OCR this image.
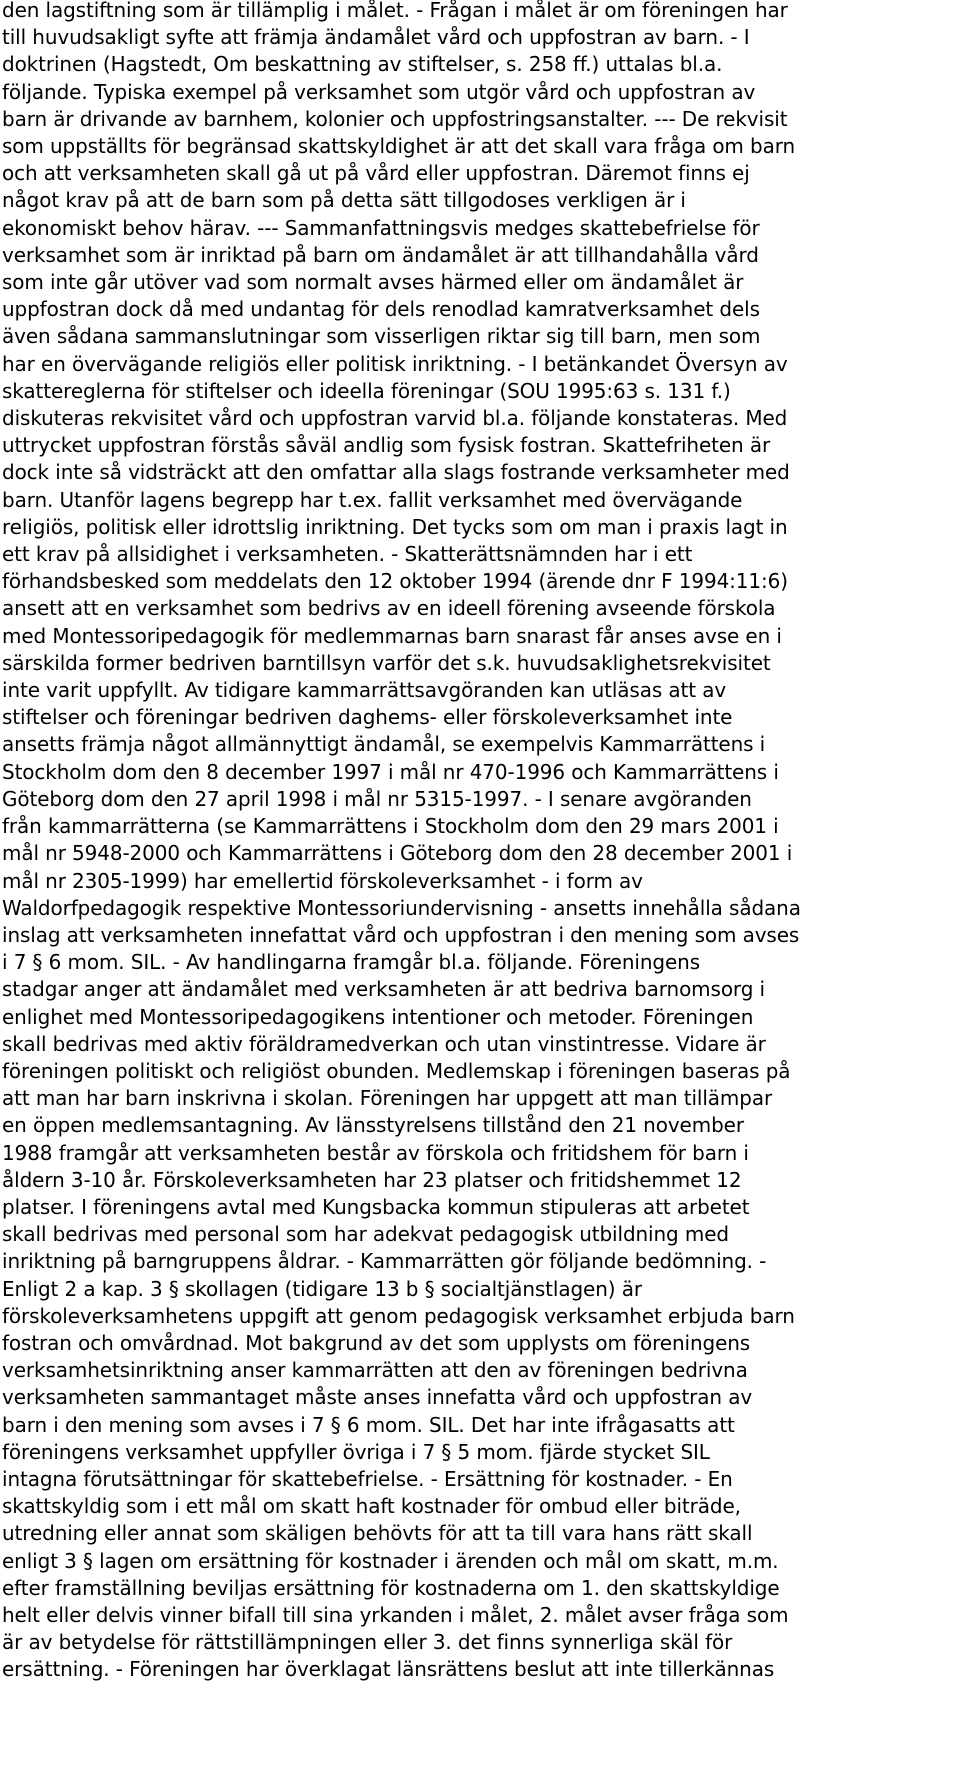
den lagstiftning som är tillämplig i målet. - Frågan i målet är om föreningen har
till huvudsakligt syfte att främja ändamålet vård och uppfostran av barn. - I
doktrinen (Hagstedt, Om beskattning av stiftelser, s. 258 ff.) uttalas bl.a.
följande. Typiska exempel på verksamhet som utgör vård och uppfostran av
barn är drivande av barnhem, kolonier och uppfostringsanstalter. --- De rekvisit
som uppställts för begränsad skattskyldighet är att det skall vara fråga om barn
och att verksamheten skall gå ut på vård eller uppfostran. Däremot finns ej
något krav på att de barn som på detta sätt tillgodoses verkligen är i
ekonomiskt behov härav. --- Sammanfattningsvis medges skattebefrielse för
verksamhet som är inriktad på barn om ändamålet är att tillhandahålla vård
som inte går utöver vad som normalt avses härmed eller om ändamålet är
uppfostran dock då med undantag för dels renodlad kamratverksamhet dels
även sådana sammanslutningar som visserligen riktar sig till barn, men som
har en övervägande religiös eller politisk inriktning. - I betänkandet Översyn av
skattereglerna för stiftelser och ideella föreningar (SOU 1995:63 s. 131 f.)
diskuteras rekvisitet vård och uppfostran varvid bl.a. följande konstateras. Med
uttrycket uppfostran förstås såväl andlig som fysisk fostran. Skattefriheten är
dock inte så vidsträckt att den omfattar alla slags fostrande verksamheter med
barn. Utanför lagens begrepp har t.ex. fallit verksamhet med övervägande
religiös, politisk eller idrottslig inriktning. Det tycks som om man i praxis lagt in
ett krav på allsidighet i verksamheten. - Skatterättsnämnden har i ett
förhandsbesked som meddelats den 12 oktober 1994 (ärende dnr F 1994:11:6)
ansett att en verksamhet som bedrivs av en ideell förening avseende förskola
med Montessoripedagogik för medlemmarnas barn snarast får anses avse en i
särskilda former bedriven barntillsyn varför det s.k. huvudsaklighetsrekvisitet
inte varit uppfyllt. Av tidigare kammarrättsavgöranden kan utläsas att av
stiftelser och föreningar bedriven daghems- eller förskoleverksamhet inte
ansetts främja något allmännyttigt ändamål, se exempelvis Kammarrättens i
Stockholm dom den 8 december 1997 i mål nr 470-1996 och Kammarrättens i
Göteborg dom den 27 april 1998 i mål nr 5315-1997. - I senare avgöranden
från kammarrätterna (se Kammarrättens i Stockholm dom den 29 mars 2001 i
mål nr 5948-2000 och Kammarrättens i Göteborg dom den 28 december 2001 i
mål nr 2305-1999) har emellertid förskoleverksamhet - i form av
Waldorfpedagogik respektive Montessoriundervisning - ansetts innehålla sådana
inslag att verksamheten innefattat vård och uppfostran i den mening som avses
i 7 § 6 mom. SIL. - Av handlingarna framgår bl.a. följande. Föreningens
stadgar anger att ändamålet med verksamheten är att bedriva barnomsorg i
enlighet med Montessoripedagogikens intentioner och metoder. Föreningen
skall bedrivas med aktiv föräldramedverkan och utan vinstintresse. Vidare är
föreningen politiskt och religiöst obunden. Medlemskap i föreningen baseras på
att man har barn inskrivna i skolan. Föreningen har uppgett att man tillämpar
en öppen medlemsantagning. Av länsstyrelsens tillstånd den 21 november
1988 framgår att verksamheten består av förskola och fritidshem för barn i
åldern 3-10 år. Förskoleverksamheten har 23 platser och fritidshemmet 12
platser. I föreningens avtal med Kungsbacka kommun stipuleras att arbetet
skall bedrivas med personal som har adekvat pedagogisk utbildning med
inriktning på barngruppens åldrar. - Kammarrätten gör följande bedömning. -
Enligt 2 a kap. 3 § skollagen (tidigare 13 b § socialtjänstlagen) är
förskoleverksamhetens uppgift att genom pedagogisk verksamhet erbjuda barn
fostran och omvårdnad. Mot bakgrund av det som upplysts om föreningens
verksamhetsinriktning anser kammarrätten att den av föreningen bedrivna
verksamheten sammantaget måste anses innefatta vård och uppfostran av
barn i den mening som avses i 7 § 6 mom. SIL. Det har inte ifrågasatts att
föreningens verksamhet uppfyller övriga i 7 § 5 mom. fjärde stycket SIL
intagna förutsättningar för skattebefrielse. - Ersättning för kostnader. - En
skattskyldig som i ett mål om skatt haft kostnader för ombud eller biträde,
utredning eller annat som skäligen behövts för att ta till vara hans rätt skall
enligt 3 § lagen om ersättning för kostnader i ärenden och mål om skatt, m.m.
efter framställning beviljas ersättning för kostnaderna om 1. den skattskyldige
helt eller delvis vinner bifall till sina yrkanden i målet, 2. målet avser fråga som
är av betydelse för rättstillämpningen eller 3. det finns synnerliga skäl för
ersättning. - Föreningen har överklagat länsrättens beslut att inte tillerkännas
